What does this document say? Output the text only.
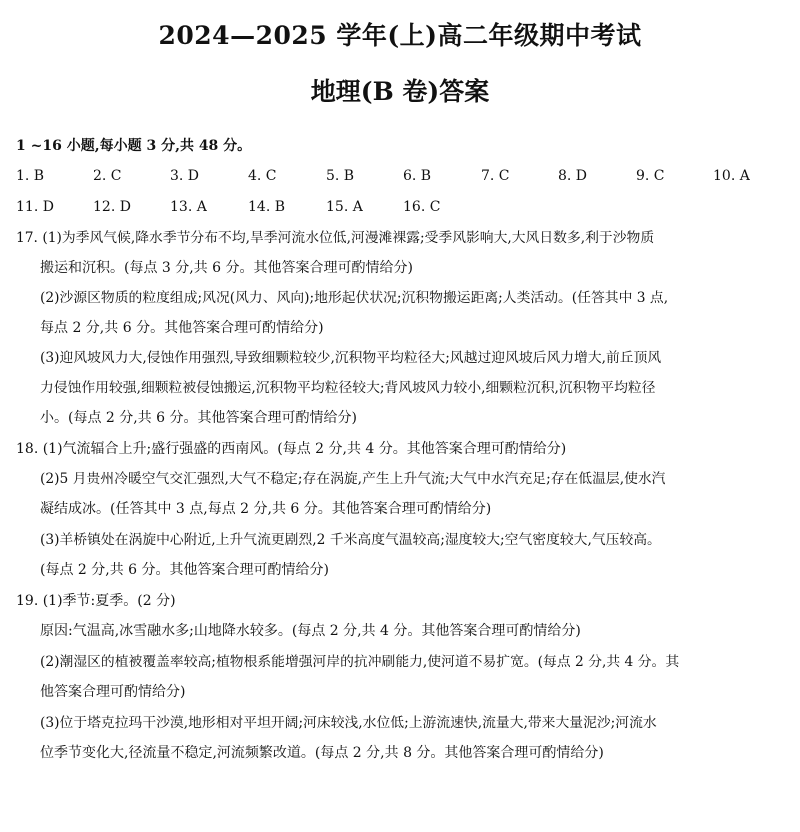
2024—2025 学年(上)高二年级期中考试
地理(B 卷)答案
1 ~16 小题,每小题 3 分,共 48 分。
1. B	2. C	3. D	4. C	5. B	6. B	7. C	8. D	9. C	10. A
11. D	12. D	13. A	14. B	15. A	16. C
17. (1)为季风气候,降水季节分布不均,旱季河流水位低,河漫滩裸露;受季风影响大,大风日数多,利于沙物质
搬运和沉积。(每点 3 分,共 6 分。其他答案合理可酌情给分)
(2)沙源区物质的粒度组成;风况(风力、风向);地形起伏状况;沉积物搬运距离;人类活动。(任答其中 3 点,
每点 2 分,共 6 分。其他答案合理可酌情给分)
(3)迎风坡风力大,侵蚀作用强烈,导致细颗粒较少,沉积物平均粒径大;风越过迎风坡后风力增大,前丘顶风
力侵蚀作用较强,细颗粒被侵蚀搬运,沉积物平均粒径较大;背风坡风力较小,细颗粒沉积,沉积物平均粒径
小。(每点 2 分,共 6 分。其他答案合理可酌情给分)
18. (1)气流辐合上升;盛行强盛的西南风。(每点 2 分,共 4 分。其他答案合理可酌情给分)
(2)5 月贵州冷暖空气交汇强烈,大气不稳定;存在涡旋,产生上升气流;大气中水汽充足;存在低温层,使水汽
凝结成冰。(任答其中 3 点,每点 2 分,共 6 分。其他答案合理可酌情给分)
(3)羊桥镇处在涡旋中心附近,上升气流更剧烈,2 千米高度气温较高;湿度较大;空气密度较大,气压较高。
(每点 2 分,共 6 分。其他答案合理可酌情给分)
19. (1)季节:夏季。(2 分)
原因:气温高,冰雪融水多;山地降水较多。(每点 2 分,共 4 分。其他答案合理可酌情给分)
(2)潮湿区的植被覆盖率较高;植物根系能增强河岸的抗冲刷能力,使河道不易扩宽。(每点 2 分,共 4 分。其
他答案合理可酌情给分)
(3)位于塔克拉玛干沙漠,地形相对平坦开阔;河床较浅,水位低;上游流速快,流量大,带来大量泥沙;河流水
位季节变化大,径流量不稳定,河流频繁改道。(每点 2 分,共 8 分。其他答案合理可酌情给分)
